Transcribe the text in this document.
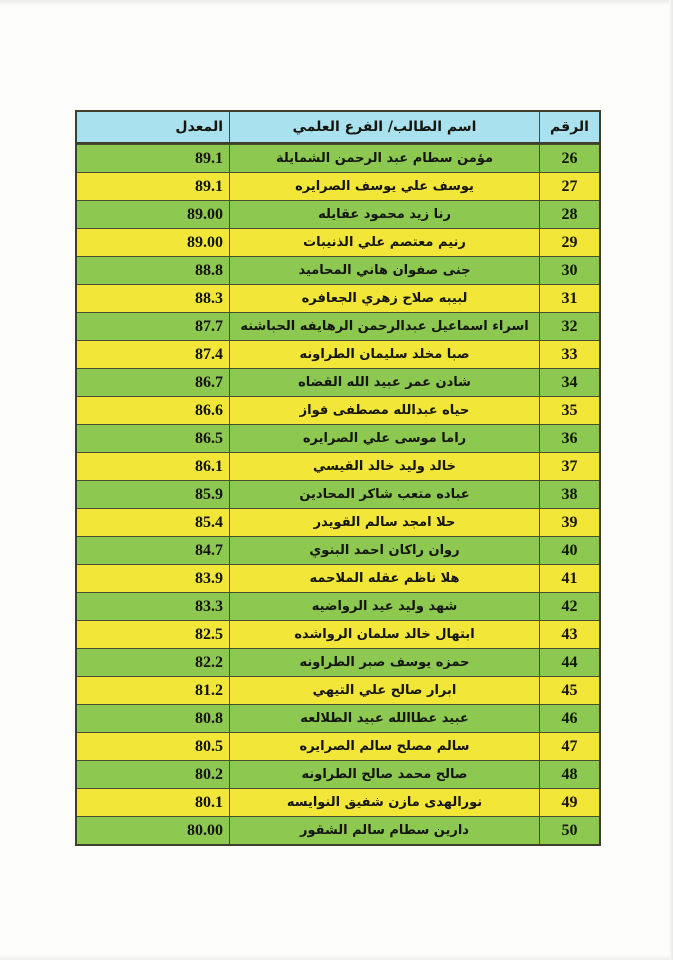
الرقم
اسم الطالب/ الفرع العلمي
المعدل
26
مؤمن سطام عبد الرحمن الشمايلة
89.1
27
يوسف علي يوسف الصرايره
89.1
28
رنا زيد محمود عقايله
89.00
29
رنيم معتصم علي الذنيبات
89.00
30
جنى صفوان هاني المحاميد
88.8
31
لبيبه صلاح زهري الجعافره
88.3
32
اسراء اسماعيل عبدالرحمن الرهايفه الحباشنه
87.7
33
صبا مخلد سليمان الطراونه
87.4
34
شادن عمر عبيد الله القضاه
86.7
35
حياه عبدالله مصطفى فواز
86.6
36
راما موسى علي الصرايره
86.5
37
خالد وليد خالد القيسي
86.1
38
عباده متعب شاكر المحادين
85.9
39
حلا امجد سالم القويدر
85.4
40
روان راكان احمد البنوي
84.7
41
هلا ناظم عقله الملاحمه
83.9
42
شهد وليد عيد الرواضيه
83.3
43
ابتهال خالد سلمان الرواشده
82.5
44
حمزه يوسف صبر الطراونه
82.2
45
ابرار صالح علي التيهي
81.2
46
عبيد عطاالله عبيد الطلالعه
80.8
47
سالم مصلح سالم الصرايره
80.5
48
صالح محمد صالح الطراونه
80.2
49
نورالهدى مازن شفيق النوايسه
80.1
50
دارين سطام سالم الشقور
80.00
